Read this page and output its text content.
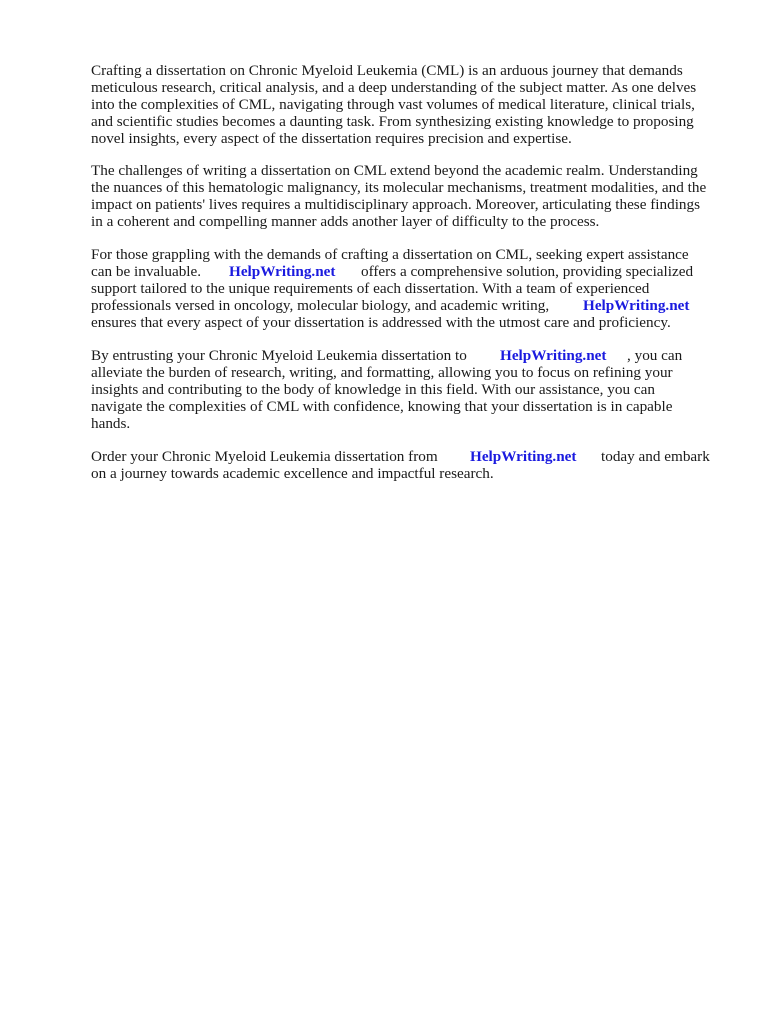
Crafting a dissertation on Chronic Myeloid Leukemia (CML) is an arduous journey that demands
meticulous research, critical analysis, and a deep understanding of the subject matter. As one delves
into the complexities of CML, navigating through vast volumes of medical literature, clinical trials,
and scientific studies becomes a daunting task. From synthesizing existing knowledge to proposing
novel insights, every aspect of the dissertation requires precision and expertise.
The challenges of writing a dissertation on CML extend beyond the academic realm. Understanding
the nuances of this hematologic malignancy, its molecular mechanisms, treatment modalities, and the
impact on patients' lives requires a multidisciplinary approach. Moreover, articulating these findings
in a coherent and compelling manner adds another layer of difficulty to the process.
For those grappling with the demands of crafting a dissertation on CML, seeking expert assistance
can be invaluable. HelpWriting.net offers a comprehensive solution, providing specialized
support tailored to the unique requirements of each dissertation. With a team of experienced
professionals versed in oncology, molecular biology, and academic writing, HelpWriting.net
ensures that every aspect of your dissertation is addressed with the utmost care and proficiency.
By entrusting your Chronic Myeloid Leukemia dissertation to HelpWriting.net , you can
alleviate the burden of research, writing, and formatting, allowing you to focus on refining your
insights and contributing to the body of knowledge in this field. With our assistance, you can
navigate the complexities of CML with confidence, knowing that your dissertation is in capable
hands.
Order your Chronic Myeloid Leukemia dissertation from HelpWriting.net today and embark
on a journey towards academic excellence and impactful research.
